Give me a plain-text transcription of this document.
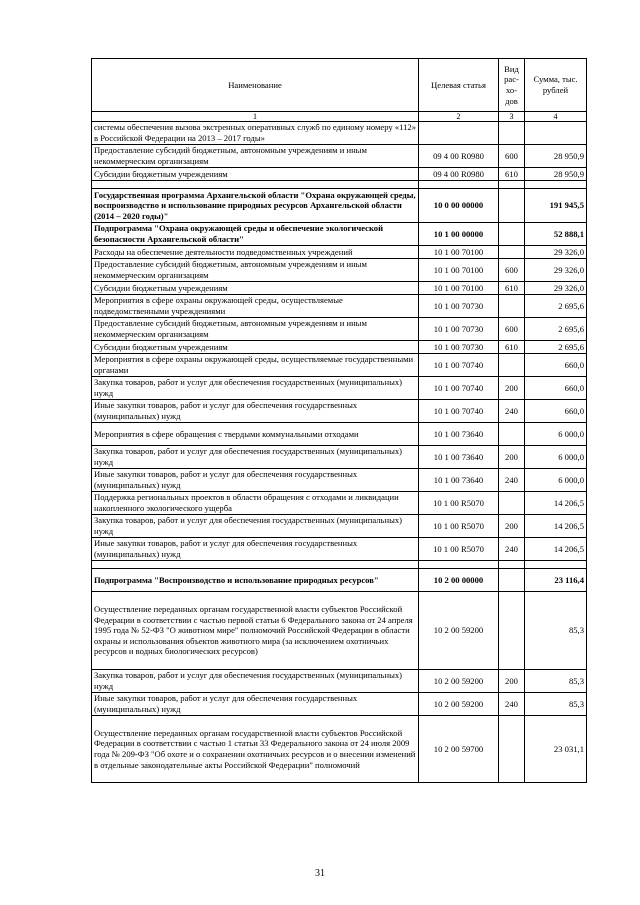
Наименование	Целевая статья	Вид рас-хо-дов	Сумма, тыс. рублей
1	2	3	4
системы обеспечения вызова экстренных оперативных служб по единому номеру «112» в Российской Федерации на 2013 – 2017 годы»			
Предоставление субсидий бюджетным, автономным учреждениям и иным некоммерческим организациям	09 4 00 R0980	600	28 950,9
Субсидии бюджетным учреждениям	09 4 00 R0980	610	28 950,9

Государственная программа Архангельской области "Охрана окружающей среды, воспроизводство и использование природных ресурсов Архангельской области (2014 – 2020 годы)"	10 0 00 00000		191 945,5
Подпрограмма "Охрана окружающей среды и обеспечение экологической безопасности Архангельской области"	10 1 00 00000		52 888,1
Расходы на обеспечение деятельности подведомственных учреждений	10 1 00 70100		29 326,0
Предоставление субсидий бюджетным, автономным учреждениям и иным некоммерческим организациям	10 1 00 70100	600	29 326,0
Субсидии бюджетным учреждениям	10 1 00 70100	610	29 326,0
Мероприятия в сфере охраны окружающей среды, осуществляемые подведомственными учреждениями	10 1 00 70730		2 695,6
Предоставление субсидий бюджетным, автономным учреждениям и иным некоммерческим организациям	10 1 00 70730	600	2 695,6
Субсидии бюджетным учреждениям	10 1 00 70730	610	2 695,6
Мероприятия в сфере охраны окружающей среды, осуществляемые государственными органами	10 1 00 70740		660,0
Закупка товаров, работ и услуг для обеспечения государственных (муниципальных) нужд	10 1 00 70740	200	660,0
Иные закупки товаров, работ и услуг для обеспечения государственных (муниципальных) нужд	10 1 00 70740	240	660,0
Мероприятия в сфере обращения с твердыми коммунальными отходами	10 1 00 73640		6 000,0
Закупка товаров, работ и услуг для обеспечения государственных (муниципальных) нужд	10 1 00 73640	200	6 000,0
Иные закупки товаров, работ и услуг для обеспечения государственных (муниципальных) нужд	10 1 00 73640	240	6 000,0
Поддержка региональных проектов в области обращения с отходами и ликвидации накопленного экологического ущерба	10 1 00 R5070		14 206,5
Закупка товаров, работ и услуг для обеспечения государственных (муниципальных) нужд	10 1 00 R5070	200	14 206,5
Иные закупки товаров, работ и услуг для обеспечения государственных (муниципальных) нужд	10 1 00 R5070	240	14 206,5

Подпрограмма "Воспроизводство и использование природных ресурсов"	10 2 00 00000		23 116,4
Осуществление переданных органам государственной власти субъектов Российской Федерации в соответствии с частью первой статьи 6 Федерального закона от 24 апреля 1995 года № 52-ФЗ "О животном мире" полномочий Российской Федерации в области охраны и использования объектов животного мира (за исключением охотничьих ресурсов и водных биологических ресурсов)	10 2 00 59200		85,3
Закупка товаров, работ и услуг для обеспечения государственных (муниципальных) нужд	10 2 00 59200	200	85,3
Иные закупки товаров, работ и услуг для обеспечения государственных (муниципальных) нужд	10 2 00 59200	240	85,3
Осуществление переданных органам государственной власти субъектов Российской Федерации в соответствии с частью 1 статьи 33 Федерального закона от 24 июля 2009 года № 209-ФЗ "Об охоте и о сохранении охотничьих ресурсов и о внесении изменений в отдельные законодательные акты Российской Федерации" полномочий	10 2 00 59700		23 031,1
31
